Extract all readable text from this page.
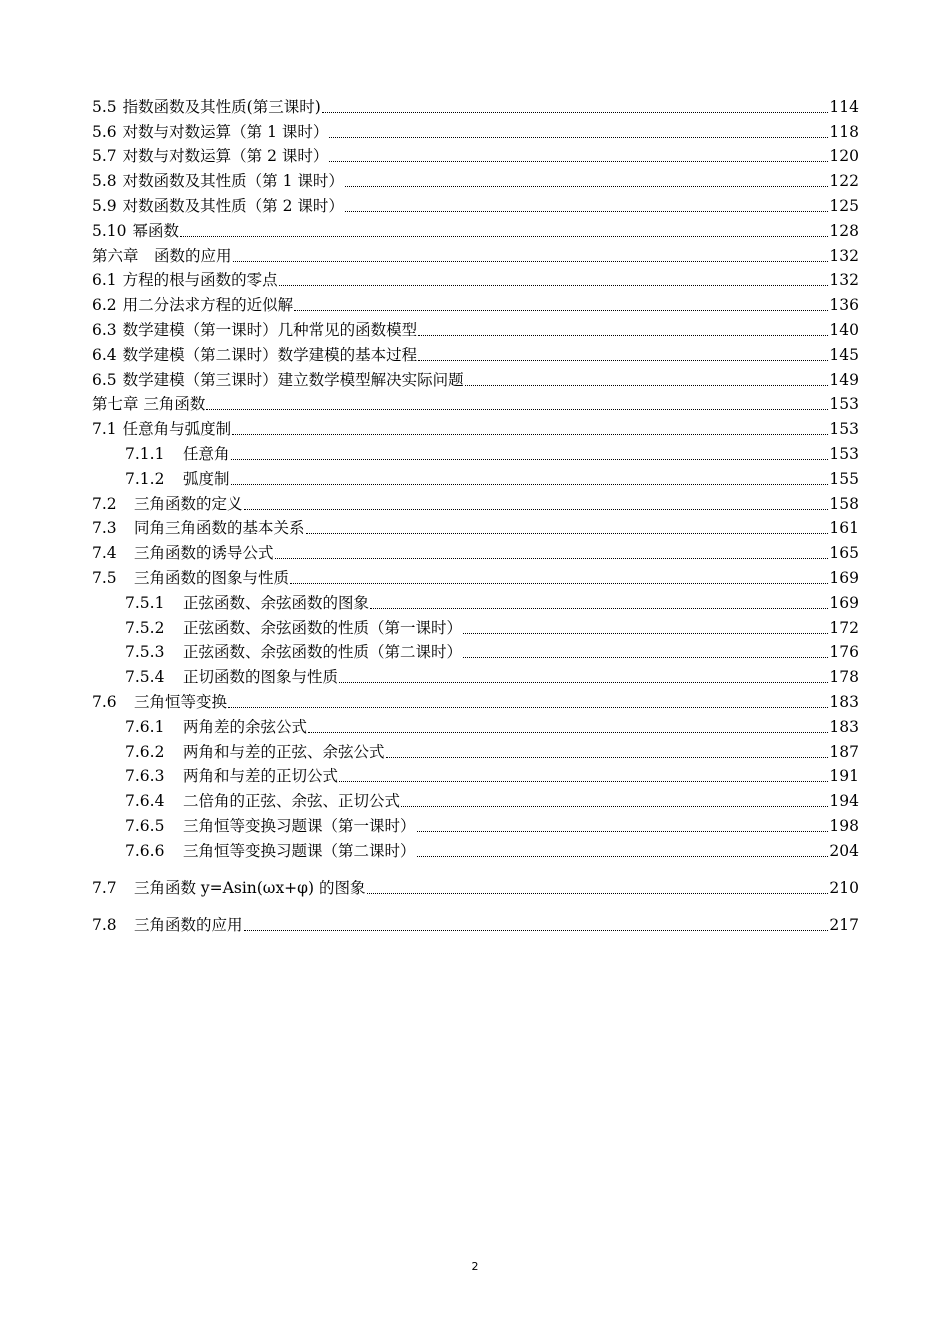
5.5 指数函数及其性质(第三课时)	114
5.6 对数与对数运算（第 1 课时）	118
5.7 对数与对数运算（第 2 课时）	120
5.8 对数函数及其性质（第 1 课时）	122
5.9 对数函数及其性质（第 2 课时）	125
5.10 幂函数	128
第六章　函数的应用	132
6.1 方程的根与函数的零点	132
6.2 用二分法求方程的近似解	136
6.3 数学建模（第一课时）几种常见的函数模型	140
6.4 数学建模（第二课时）数学建模的基本过程	145
6.5 数学建模（第三课时）建立数学模型解决实际问题	149
第七章 三角函数	153
7.1 任意角与弧度制	153
7.1.1	任意角	153
7.1.2	弧度制	155
7.2	三角函数的定义	158
7.3	同角三角函数的基本关系	161
7.4	三角函数的诱导公式	165
7.5	三角函数的图象与性质	169
7.5.1	正弦函数、余弦函数的图象	169
7.5.2	正弦函数、余弦函数的性质（第一课时）	172
7.5.3	正弦函数、余弦函数的性质（第二课时）	176
7.5.4	正切函数的图象与性质	178
7.6	三角恒等变换	183
7.6.1	两角差的余弦公式	183
7.6.2	两角和与差的正弦、余弦公式	187
7.6.3	两角和与差的正切公式	191
7.6.4	二倍角的正弦、余弦、正切公式	194
7.6.5	三角恒等变换习题课（第一课时）	198
7.6.6	三角恒等变换习题课（第二课时）	204
7.7	三角函数 y=Asin(ωx+φ) 的图象	210
7.8	三角函数的应用	217
2
